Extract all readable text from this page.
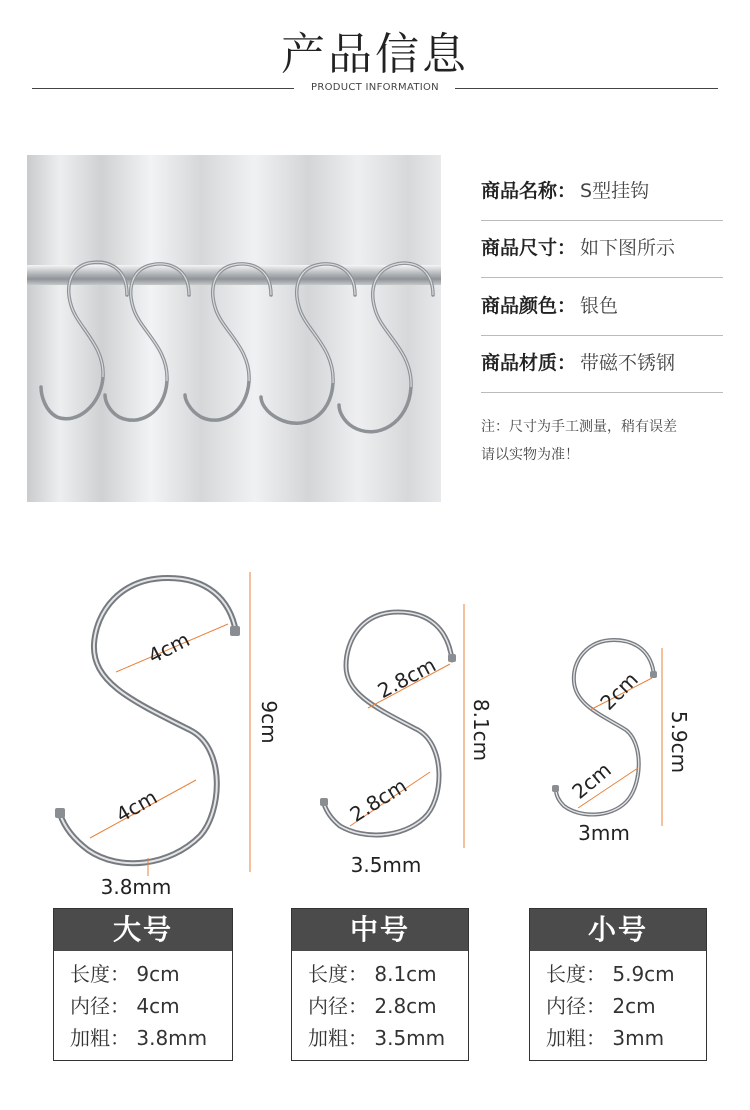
产品信息
PRODUCT INFORMATION
商品名称： S型挂钩
商品尺寸： 如下图所示
商品颜色： 银色
商品材质： 带磁不锈钢
注：尺寸为手工测量，稍有误差
请以实物为准！
4cm
4cm
9cm
3.8mm
2.8cm
2.8cm
8.1cm
3.5mm
2cm
2cm
5.9cm
3mm
大号
长度： 9cm
内径： 4cm
加粗： 3.8mm
中号
长度： 8.1cm
内径： 2.8cm
加粗： 3.5mm
小号
长度： 5.9cm
内径： 2cm
加粗： 3mm
